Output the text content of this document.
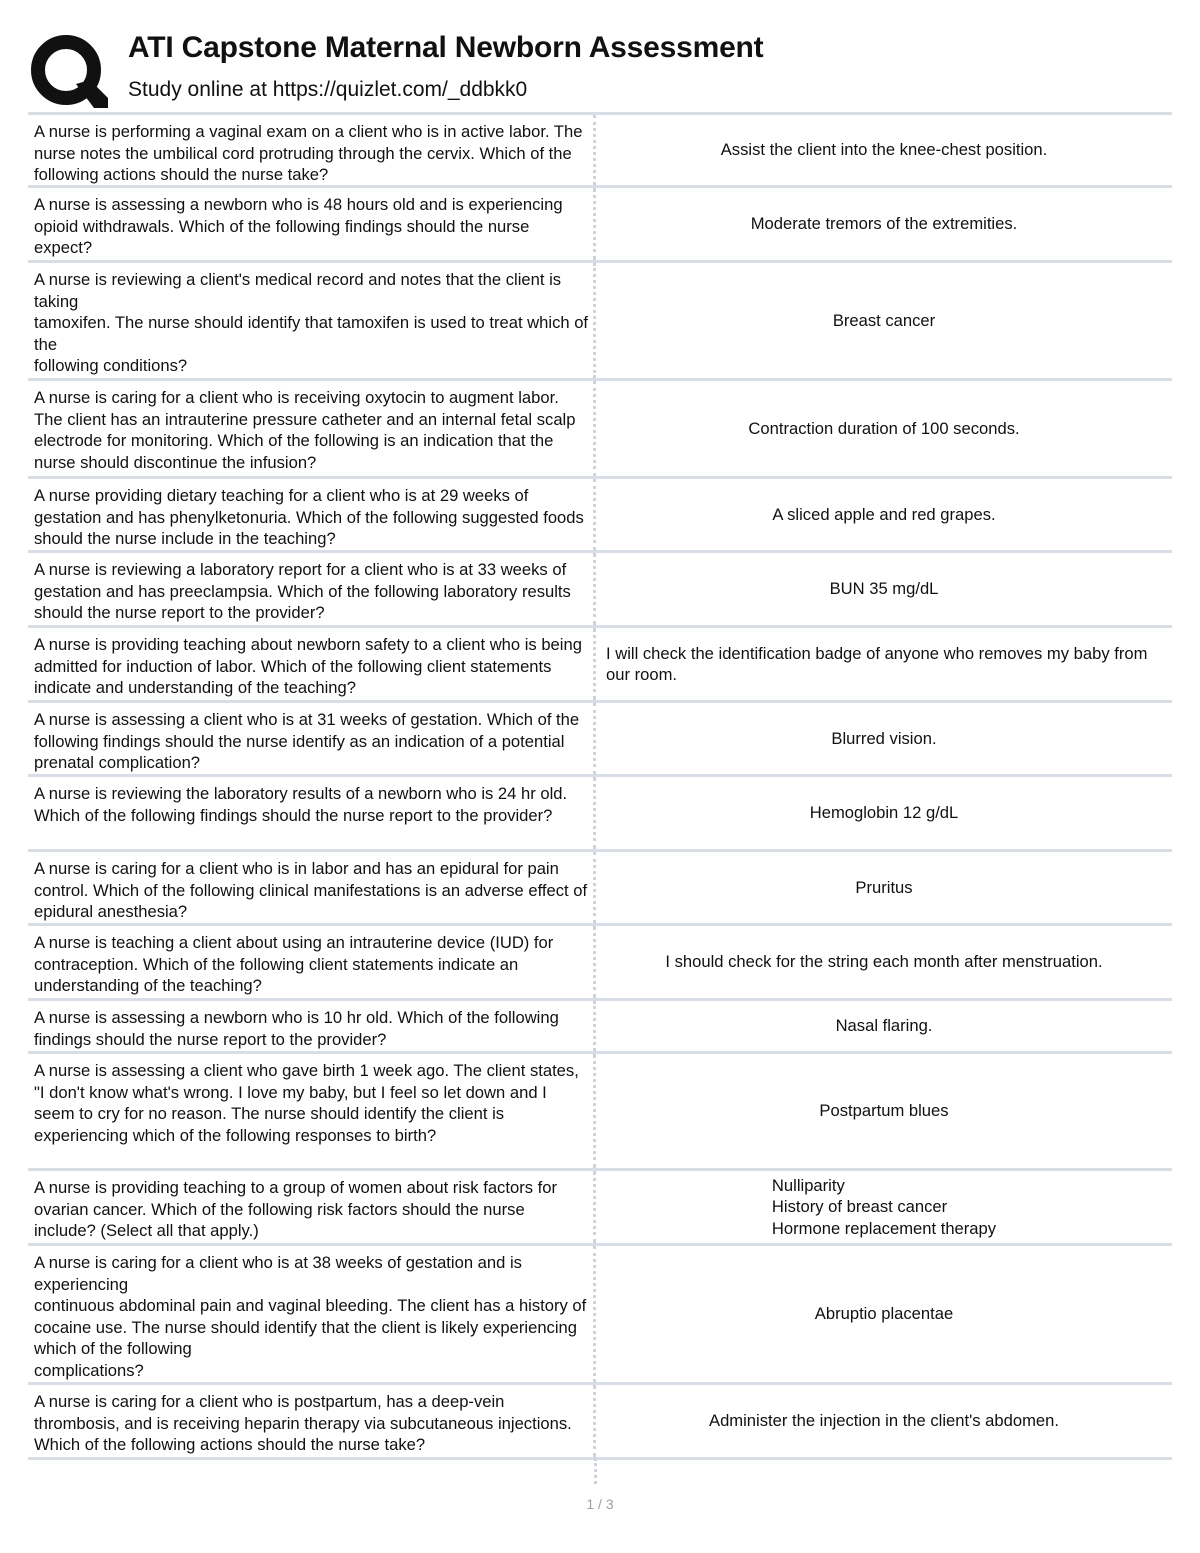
ATI Capstone Maternal Newborn Assessment

Study online at https://quizlet.com/_ddbkk0

A nurse is performing a vaginal exam on a client who is in active labor. The nurse notes the umbilical cord protruding through the cervix. Which of the following actions should the nurse take?
Assist the client into the knee-chest position.
A nurse is assessing a newborn who is 48 hours old and is experiencing opioid withdrawals. Which of the following findings should the nurse expect?
Moderate tremors of the extremities.
A nurse is reviewing a client's medical record and notes that the client is taking
tamoxifen. The nurse should identify that tamoxifen is used to treat which of the
following conditions?
Breast cancer
A nurse is caring for a client who is receiving oxytocin to augment labor. The client has an intrauterine pressure catheter and an internal fetal scalp electrode for monitoring. Which of the following is an indication that the nurse should discontinue the infusion?
Contraction duration of 100 seconds.
A nurse providing dietary teaching for a client who is at 29 weeks of gestation and has phenylketonuria. Which of the following suggested foods should the nurse include in the teaching?
A sliced apple and red grapes.
A nurse is reviewing a laboratory report for a client who is at 33 weeks of gestation and has preeclampsia. Which of the following laboratory results should the nurse report to the provider?
BUN 35 mg/dL
A nurse is providing teaching about newborn safety to a client who is being admitted for induction of labor. Which of the following client statements indicate and understanding of the teaching?
I will check the identification badge of anyone who removes my baby from our room.
A nurse is assessing a client who is at 31 weeks of gestation. Which of the following findings should the nurse identify as an indication of a potential prenatal complication?
Blurred vision.
A nurse is reviewing the laboratory results of a newborn who is 24 hr old. Which of the following findings should the nurse report to the provider?	Hemoglobin 12 g/dL
A nurse is caring for a client who is in labor and has an epidural for pain control. Which of the following clinical manifestations is an adverse effect of epidural anesthesia?
Pruritus
A nurse is teaching a client about using an intrauterine device (IUD) for contraception. Which of the following client statements indicate an understanding of the teaching?
I should check for the string each month after menstruation.
A nurse is assessing a newborn who is 10 hr old. Which of the following findings should the nurse report to the provider?
Nasal flaring.
A nurse is assessing a client who gave birth 1 week ago. The client states, "I don't know what's wrong. I love my baby, but I feel so let down and I seem to cry for no reason. The nurse should identify the client is experiencing which of the following responses to birth?
Postpartum blues
A nurse is providing teaching to a group of women about risk factors for ovarian cancer. Which of the following risk factors should the nurse include? (Select all that apply.)
Nulliparity
History of breast cancer
Hormone replacement therapy
A nurse is caring for a client who is at 38 weeks of gestation and is experiencing
continuous abdominal pain and vaginal bleeding. The client has a history of cocaine use. The nurse should identify that the client is likely experiencing which of the following
complications?
Abruptio placentae
A nurse is caring for a client who is postpartum, has a deep-vein thrombosis, and is receiving heparin therapy via subcutaneous injections. Which of the following actions should the nurse take?
Administer the injection in the client's abdomen.
1 / 3
